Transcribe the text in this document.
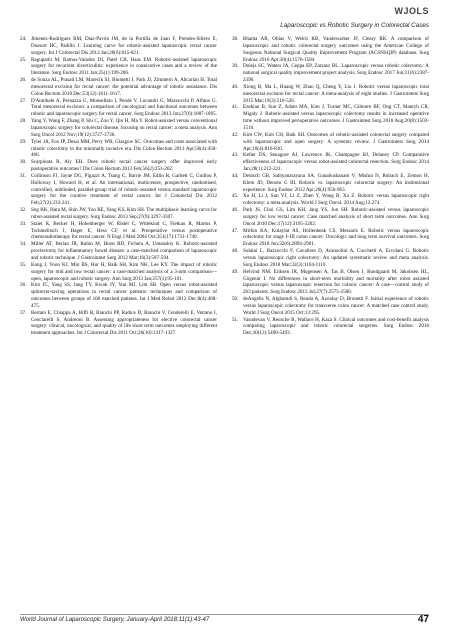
WJOLS
Laparoscopic vs Robotic Surgery in Colorectal Cases
24. Jimenez-Rodriguez RM, Diaz-Pavón JM, de la Portilla de Juan F, Prendes-Sillero E, Dussort HC, Padillo J. Learning curve for robotic-assisted laparoscopic rectal cancer surgery. Int J Colorectal Dis 2012 Jan;28(6):815-821.
25. Ragupathi M, Ramos-Valadez DI, Patel CB, Haas EM. Robotic-assisted laparoscopic surgery for recurrent diverticulitis: experience in consecutive cases and a review of the literature. Surg Endosc 2011 Jan;25(1):199-206.
26. de Souza AL, Prasad LM, Marecik SJ, Blumetti J, Park JJ, Zimmern A, Abcarian H. Total mesorectal excision for rectal cancer: the potential advantage of robotic assistance. Dis Colon Rectum 2010 Dec;53(12):1611-1617.
27. D'Annibale A, Pernazza G, Monsellato I, Pende V, Lucandri G, Mazzocchi P, Alfano G. Total mesorectal excision: a comparison of oncological and functional outcomes between robotic and laparoscopic surgery for rectal cancer. Surg Endosc 2013 Jun;27(6):1887-1895.
28. Yang Y, Wang F, Zhang P, Shi C, Zou Y, Qin H, Ma Y. Robot-assisted versus conventional laparoscopic surgery for colorectal disease, focusing on rectal cancer: a meta analysis. Ann Surg Oncol 2012 Nov;19(12):3727-3736.
29. Tyler JA, Fox JP, Desai MM, Perry WB, Glasgow SC. Outcomes and costs associated with robotic colectomy in the minimally invasive era. Dis Colon Rectum 2013 Apr;56(4):458-466.
30. Scarpinata R, Aly EH. Does robotic rectal cancer surgery offer improved early postoperative outcomes? Dis Colon Rectum 2013 Feb;56(2):253-262.
31. Collinson FJ, Jayne DG, Pigazzi A, Tsang C, Barrie JM, Edlin R, Garbett C, Guillou P, Holloway I, Howard H, et al. An international, multicentre, prospective, randomised, controlled, unblinded, parallel-group trial of robotic-assisted versus standard laparoscopic surgery for the curative treatment of rectal cancer. Int J Colorectal Dis 2012 Feb;27(2):233-241.
32. Sng KK, Hara M, Shin JW, Yoo BE, Yang KS, Kim SH. The multiphasic learning curve for robot-assisted rectal surgery. Surg Endosc 2013 Sep;27(9):3297-3307.
33. Staiet R, Becker H, Hohenberger W, Rödel C, Wittekind C, Fietkau R, Martus P, Tschmelitsch J, Hager E, Hess CF, et al. Preoperative versus postoperative chemoradiotherapy for rectal cancer. N Engl J Med 2004 Oct;351(17):1731-1740.
34. Miller AT, Berian JR, Rubin M, Hurst RD, Fichera A, Umanskiy K. Robotic-assisted proctectomy for inflammatory bowel disease: a case-matched comparison of laparoscopic and robotic technique. J Gastrointest Surg 2012 Mar;16(3):587-594.
35. Kang J, Yoon KJ, Min BS, Hur H, Baik SH, Kim NK, Lee KY. The impact of robotic surgery for mid and low rectal cancer: a case-matched analysis of a 3-arm comparison—open, laparoscopic and robotic surgery. Ann Surg 2013 Jan;257(1):95-101.
36. Kim JC, Yang SS, Jang TY, Kwak JY, Yun MJ, Lim SB. Open versus robot-assisted sphincter-saving operations in rectal cancer patients: techniques and comparison of outcomes between groups of 100 matched patients. Int J Med Robot 2012 Dec;8(4):468-475.
37. Bertani E, Chiappa A, Biffi R, Bianchi PP, Radice D, Branchi V, Cenderelli E, Vetrano I, Cenciarelli S, Andreoni B. Assessing appropriateness for elective colorectal cancer surgery: clinical, oncological, and quality of life short term outcomes employing different treatment approaches. Int J Colorectal Dis 2011 Oct;26(10):1317-1327.
38. Bhama AR, Obias V, Welch KB, Vandewarker JF, Cleary RK. A comparison of laparoscopic and robotic colorectal surgery outcomes using the American College of Surgeons National Surgical Quality Improvement Program (ACSNSQIP) database. Surg Endosc 2016 Apr;30(4):1576-1584.
39. Dolejs SC, Waters JA, Ceppa EP, Zarzaur BL. Laparoscopic versus robotic colectomy: A national surgical quality improvement project analysis. Surg Endosc 2017 Jun;31(6):2387-2396.
40. Xiong B, Ma L, Huang W, Zhao Q, Cheng Y, Liu J. Robotic versus laparoscopic total mesorectal excision for rectal cancer: A meta-analysis of eight studies. J Gastrointest Surg 2015 Mar;19(3):516-526.
41. Ezekian B, Sun Z, Adam MA, Kim J, Turner MC, Gilmore BF, Ong CT, Mantyh CR, Migaly J. Robotic-assisted versus laparoscopic colectomy results in increased operative time without improved perioperative outcomes. J Gastrointest Surg 2016 Aug;20(8):1503-1510.
42. Kim CW, Kim CH, Baik SH. Outcomes of robotic-assisted colorectal surgery compared with laparoscopic and open surgery: A systemic review. J Gastrointest Surg 2014 Apr;18(4):816-830.
43. Keller DS, Senagore AJ, Lawrence JK, Champagne BJ, Delaney CP. Comparative effectiveness of laparoscopic versus robot-assisted colorectal resection. Surg Endosc 2014 Jan;28(1):212-221.
44. Deutsch GB, Sathyanarayana SA, Gunabushanam V, Mishra N, Rubach E, Zemon H, Klein JD, Denoto G III. Robotic vs. laparoscopic colorectal surgery: An institutional experience. Surg Endosc 2012 Apr;26(4):956-963.
45. Xu H, Li J, Sun YJ, Li Z, Zhen Y, Wang B, Xu Z. Robotic versus laparoscopic right colectomy: a meta-analysis. World J Surg Oncol. 2014 Aug;12:274.
46. Park JS, Choi GS, Lim KH, Jang YS, Jun SH. Robotic-assisted versus laparoscopic surgery for low rectal cancer: Case matched analysis of short term outcomes. Ann Surg Oncol 2010 Dec;17(12):3195-3202.
47. Mirkin KA, Kulaylat AS, Hollenbeak CS, Messaris E. Robotic versus laparoscopic colectomy for stage I–III colon cancer: Oncologic and long term survival outcomes. Surg Endosc 2018 Jun;32(6):2894-2901.
48. Solaini L, Bazzocchi F, Cavaliere D, Avanzolini A, Cucchetti A, Ercolani G. Robotic versus laparoscopic right colectomy: An updated systematic review and meta analysis. Surg Endosc 2018 Mar;32(3):1104-1110.
49. Helvind NM, Eriksen JR, Mogensen A, Tas B, Olsen J, Bundgaard M, Jakobsen HL, Gögenür I. No differences in short-term morbidity and mortality after robot assisted laparoscopic versus laparoscopic resection for colonic cancer: A case—control study of 263 patients. Surg Endosc 2013 Jul;27(7):2575-2580.
50. deAngelis N, Alghamdi S, Renda A, Azoulay D, Brunetti F. Initial experience of robotic versus laparoscopic colectomy for transverse colon cancer: A matched case control study. World J Surg Oncol 2015 Oct;13:295.
51. Vasudevan V, Reusche R, Wallace H, Kaza S. Clinical outcomes and cost-benefit analysis comparing laparoscopic and robotic colorectal surgeries. Surg Endosc 2016 Dec;30(12):5490-5493.
World Journal of Laparoscopic Surgery, January-April 2018;11(1):43-47	47
